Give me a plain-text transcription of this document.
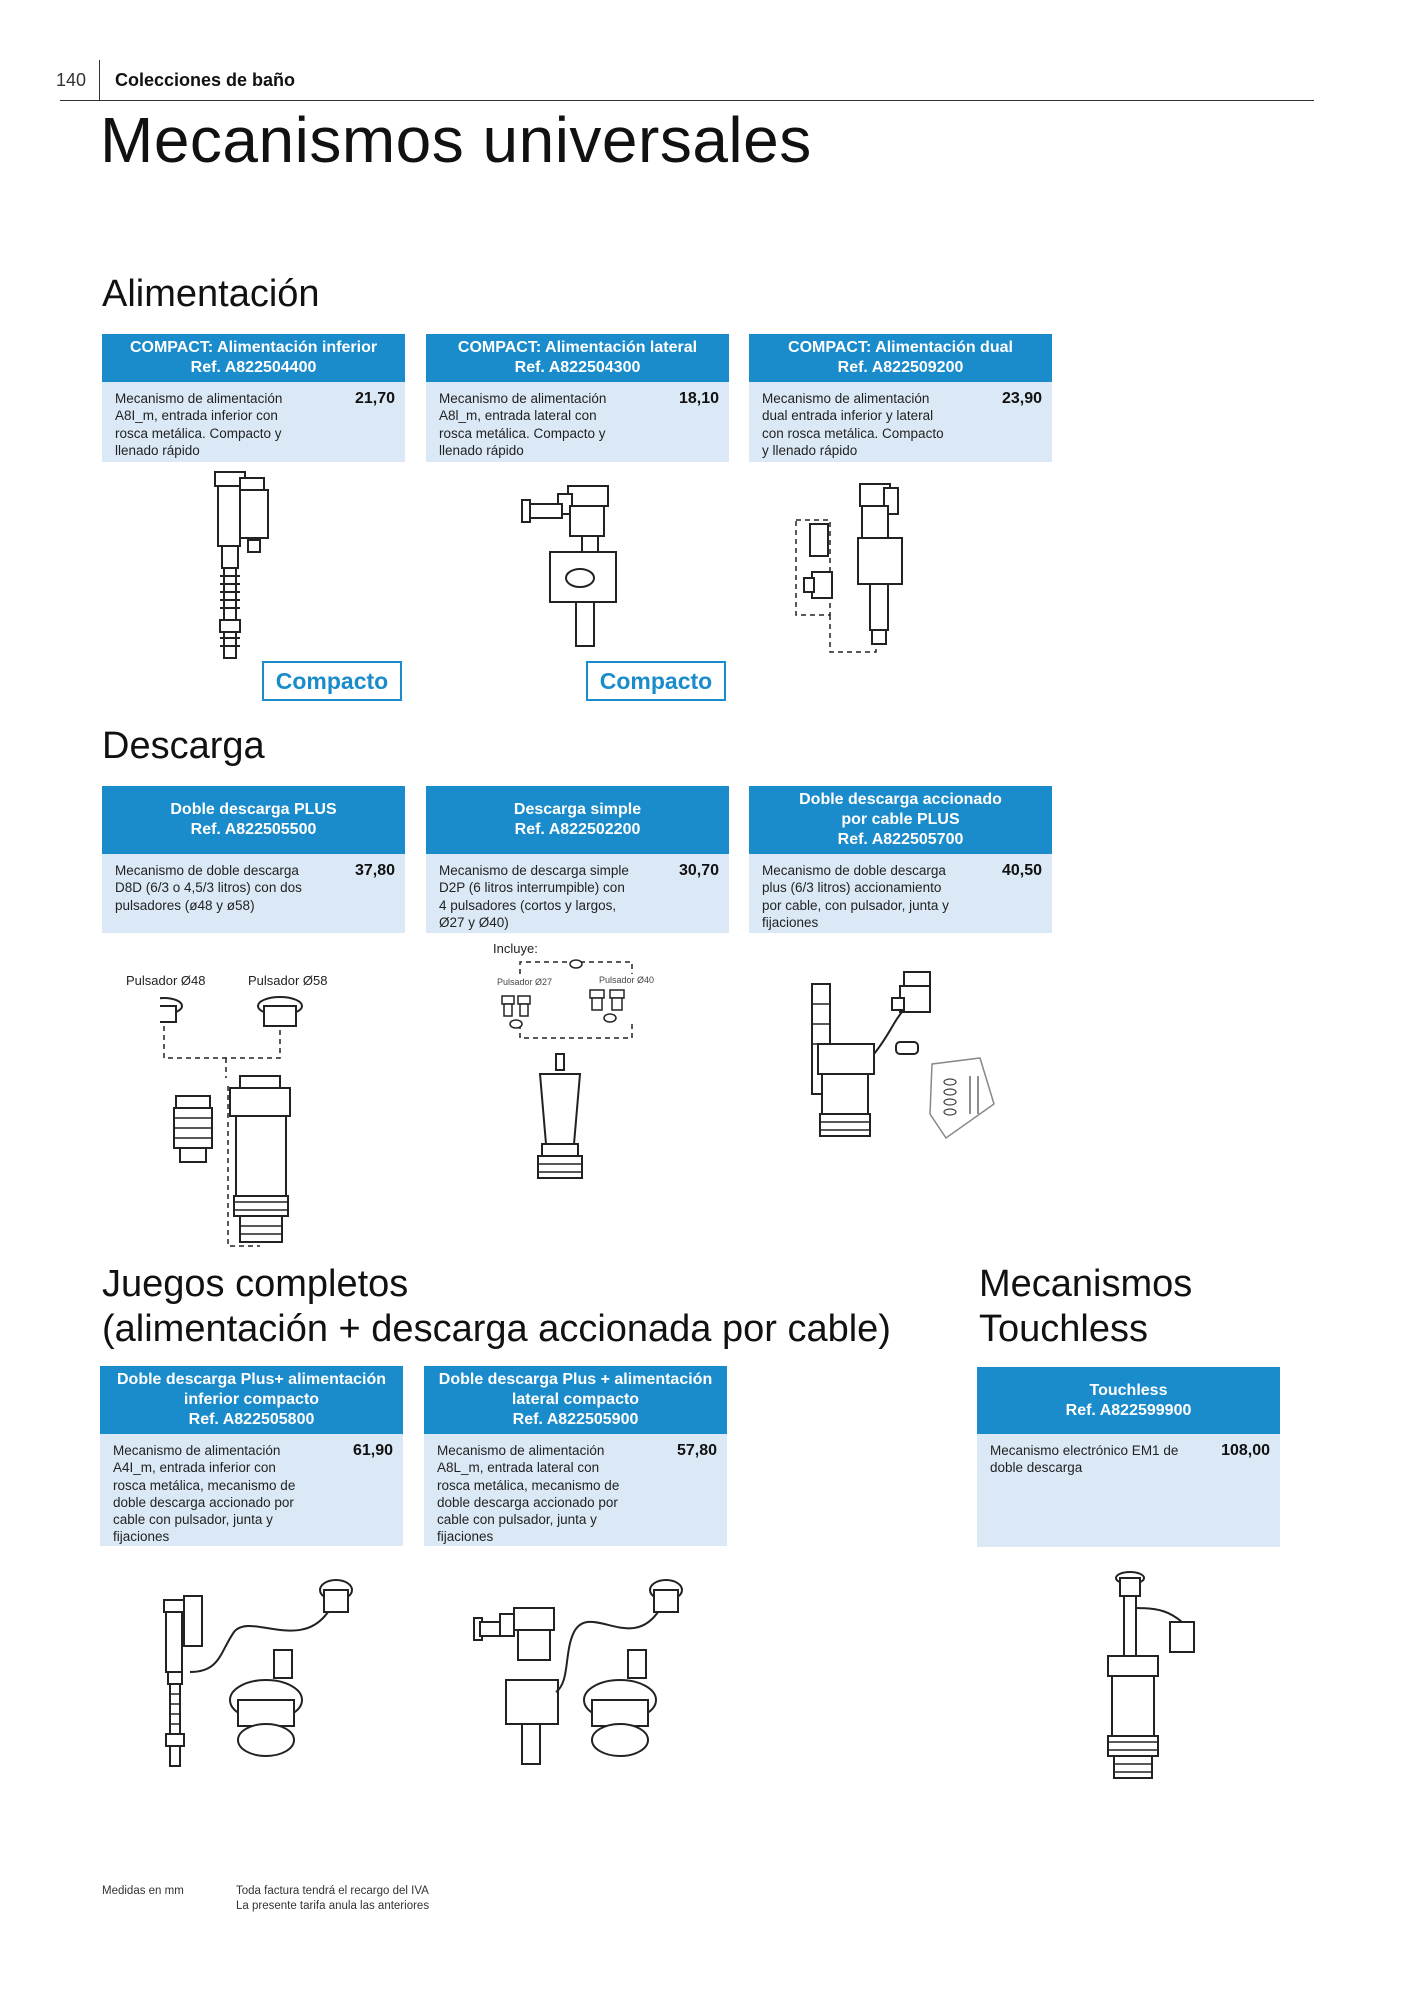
140 Colecciones de baño
Mecanismos universales
Alimentación
COMPACT: Alimentación inferior
Ref. A822504400
Mecanismo de alimentación A8I_m, entrada inferior con rosca metálica. Compacto y llenado rápido
21,70
COMPACT: Alimentación lateral
Ref. A822504300
Mecanismo de alimentación A8l_m, entrada lateral con rosca metálica. Compacto y llenado rápido
18,10
COMPACT: Alimentación dual
Ref. A822509200
Mecanismo de alimentación dual entrada inferior y lateral con rosca metálica. Compacto y llenado rápido
23,90
Compacto	Compacto
Descarga
Doble descarga PLUS
Ref. A822505500
Mecanismo de doble descarga D8D (6/3 o 4,5/3 litros) con dos pulsadores (ø48 y ø58)
37,80
Descarga simple
Ref. A822502200
Mecanismo de descarga simple D2P (6 litros interrumpible) con 4 pulsadores (cortos y largos, Ø27 y Ø40)
30,70
Doble descarga accionado
por cable PLUS
Ref. A822505700
Mecanismo de doble descarga plus (6/3 litros) accionamiento por cable, con pulsador, junta y fijaciones
40,50
Pulsador Ø48	Pulsador Ø58
Incluye:
Pulsador Ø27	Pulsador Ø40
Juegos completos
(alimentación + descarga accionada por cable)
Doble descarga Plus+ alimentación
inferior compacto
Ref. A822505800
Mecanismo de alimentación A4I_m, entrada inferior con rosca metálica, mecanismo de doble descarga accionado por cable con pulsador, junta y fijaciones
61,90
Doble descarga Plus + alimentación
lateral compacto
Ref. A822505900
Mecanismo de alimentación A8L_m, entrada lateral con rosca metálica, mecanismo de doble descarga accionado por cable con pulsador, junta y fijaciones
57,80
Mecanismos
Touchless
Touchless
Ref. A822599900
Mecanismo electrónico EM1 de doble descarga
108,00
Medidas en mm	Toda factura tendrá el recargo del IVA
La presente tarifa anula las anteriores
